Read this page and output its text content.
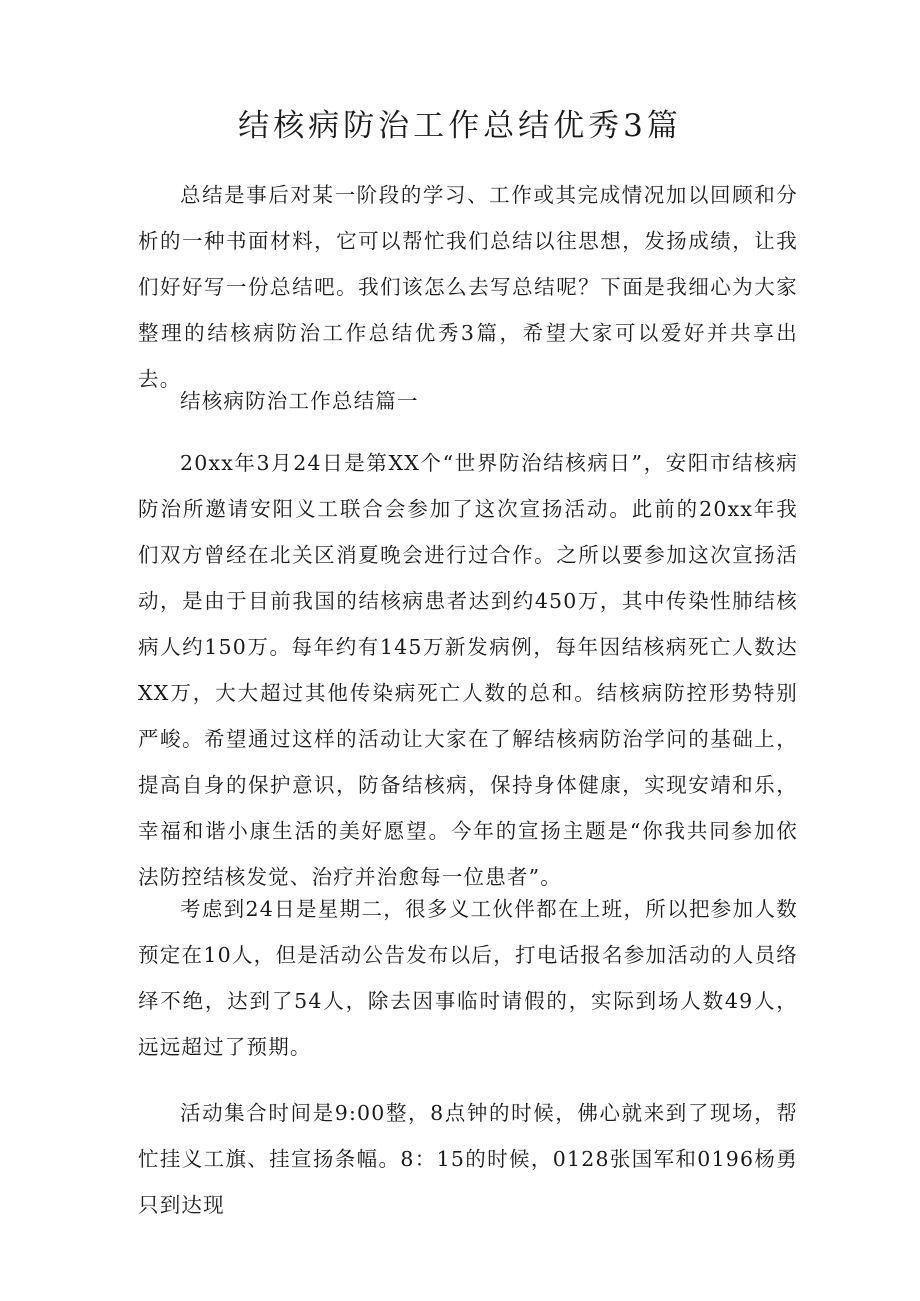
结核病防治工作总结优秀3篇

总结是事后对某一阶段的学习、工作或其完成情况加以回顾和分析的一种书面材料，它可以帮忙我们总结以往思想，发扬成绩，让我们好好写一份总结吧。我们该怎么去写总结呢？下面是我细心为大家整理的结核病防治工作总结优秀3篇，希望大家可以爱好并共享出去。

结核病防治工作总结篇一

20xx年3月24日是第XX个“世界防治结核病日”，安阳市结核病防治所邀请安阳义工联合会参加了这次宣扬活动。此前的20xx年我们双方曾经在北关区消夏晚会进行过合作。之所以要参加这次宣扬活动，是由于目前我国的结核病患者达到约450万，其中传染性肺结核病人约150万。每年约有145万新发病例，每年因结核病死亡人数达XX万，大大超过其他传染病死亡人数的总和。结核病防控形势特别严峻。希望通过这样的活动让大家在了解结核病防治学问的基础上，提高自身的保护意识，防备结核病，保持身体健康，实现安靖和乐，幸福和谐小康生活的美好愿望。今年的宣扬主题是“你我共同参加依法防控结核发觉、治疗并治愈每一位患者”。

考虑到24日是星期二，很多义工伙伴都在上班，所以把参加人数预定在10人，但是活动公告发布以后，打电话报名参加活动的人员络绎不绝，达到了54人，除去因事临时请假的，实际到场人数49人，远远超过了预期。

活动集合时间是9:00整，8点钟的时候，佛心就来到了现场，帮忙挂义工旗、挂宣扬条幅。8：15的时候，0128张国军和0196杨勇只到达现
